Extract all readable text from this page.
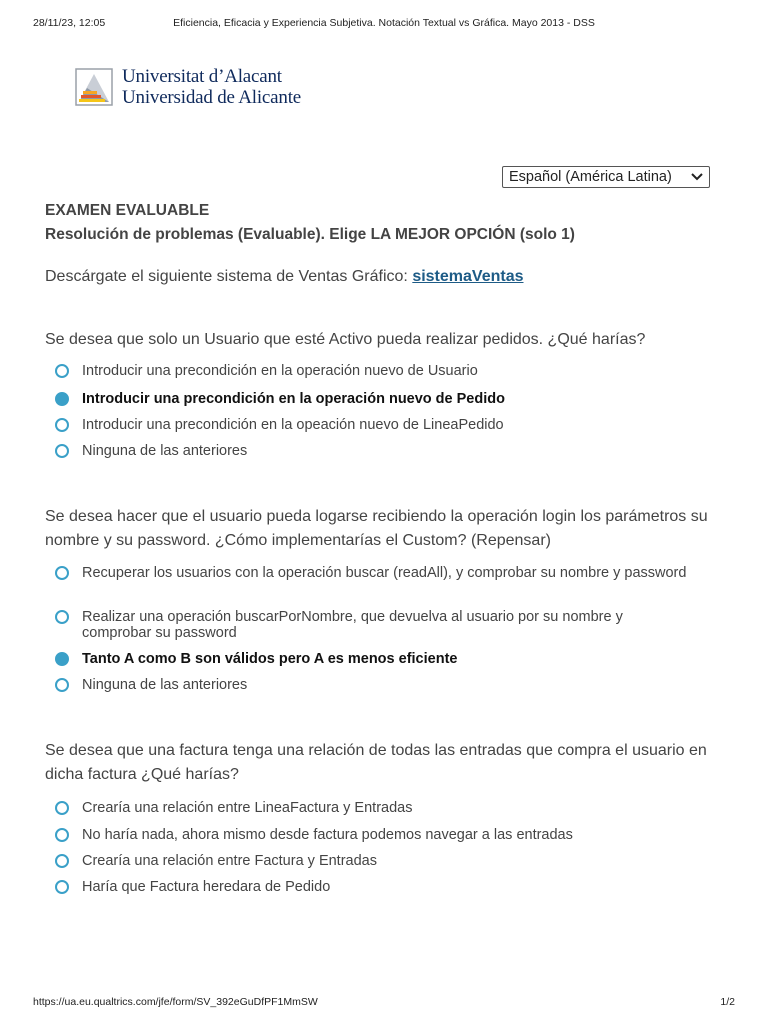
28/11/23, 12:05	Eficiencia, Eficacia y Experiencia Subjetiva. Notación Textual vs Gráfica. Mayo 2013 - DSS
Universitat d’Alacant
Universidad de Alicante
Español (América Latina)
EXAMEN EVALUABLE
Resolución de problemas (Evaluable). Elige LA MEJOR OPCIÓN (solo 1)
Descárgate el siguiente sistema de Ventas Gráfico: sistemaVentas
Se desea que solo un Usuario que esté Activo pueda realizar pedidos. ¿Qué harías?
Introducir una precondición en la operación nuevo de Usuario
Introducir una precondición en la operación nuevo de Pedido
Introducir una precondición en la opeación nuevo de LineaPedido
Ninguna de las anteriores
Se desea hacer que el usuario pueda logarse recibiendo la operación login los parámetros su nombre y su password. ¿Cómo implementarías el Custom? (Repensar)
Recuperar los usuarios con la operación buscar (readAll), y comprobar su nombre y password
Realizar una operación buscarPorNombre, que devuelva al usuario por su nombre y comprobar su password
Tanto A como B son válidos pero A es menos eficiente
Ninguna de las anteriores
Se desea que una factura tenga una relación de todas las entradas que compra el usuario en dicha factura ¿Qué harías?
Crearía una relación entre LineaFactura y Entradas
No haría nada, ahora mismo desde factura podemos navegar a las entradas
Crearía una relación entre Factura y Entradas
Haría que Factura heredara de Pedido
https://ua.eu.qualtrics.com/jfe/form/SV_392eGuDfPF1MmSW	1/2
